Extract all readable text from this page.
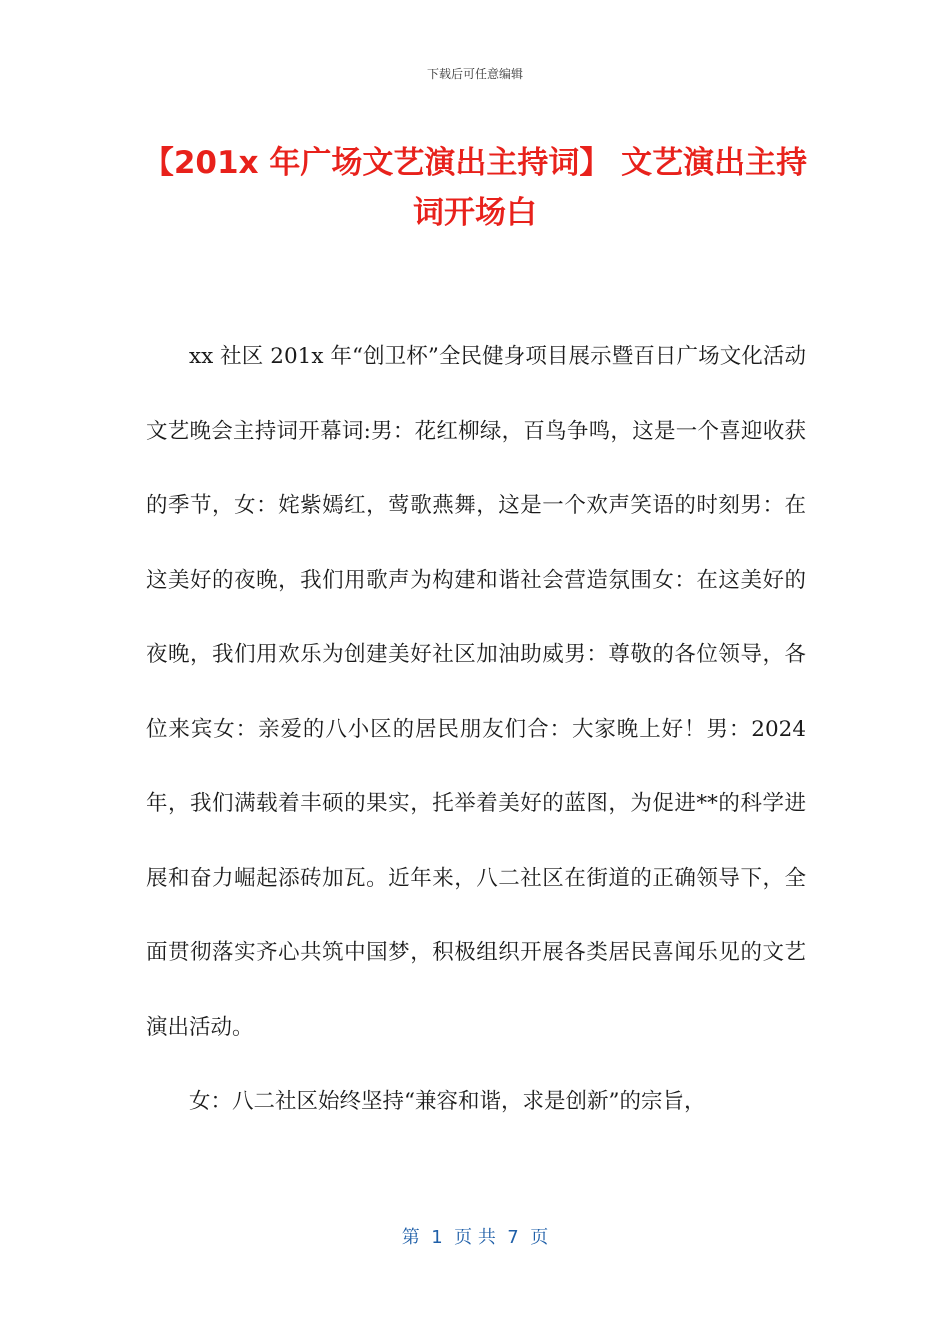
下载后可任意编辑
【201x 年广场文艺演出主持词】 文艺演出主持词开场白

xx 社区 201x 年“创卫杯”全民健身项目展示暨百日广场文化活动文艺晚会主持词开幕词:男：花红柳绿，百鸟争鸣，这是一个喜迎收获的季节，女：姹紫嫣红，莺歌燕舞，这是一个欢声笑语的时刻男：在这美好的夜晚，我们用歌声为构建和谐社会营造氛围女：在这美好的夜晚，我们用欢乐为创建美好社区加油助威男：尊敬的各位领导，各位来宾女：亲爱的八小区的居民朋友们合：大家晚上好！男：2024 年，我们满载着丰硕的果实，托举着美好的蓝图，为促进**的科学进展和奋力崛起添砖加瓦。近年来，八二社区在街道的正确领导下，全面贯彻落实齐心共筑中国梦，积极组织开展各类居民喜闻乐见的文艺演出活动。

女：八二社区始终坚持“兼容和谐，求是创新”的宗旨，

第  1  页 共  7  页
